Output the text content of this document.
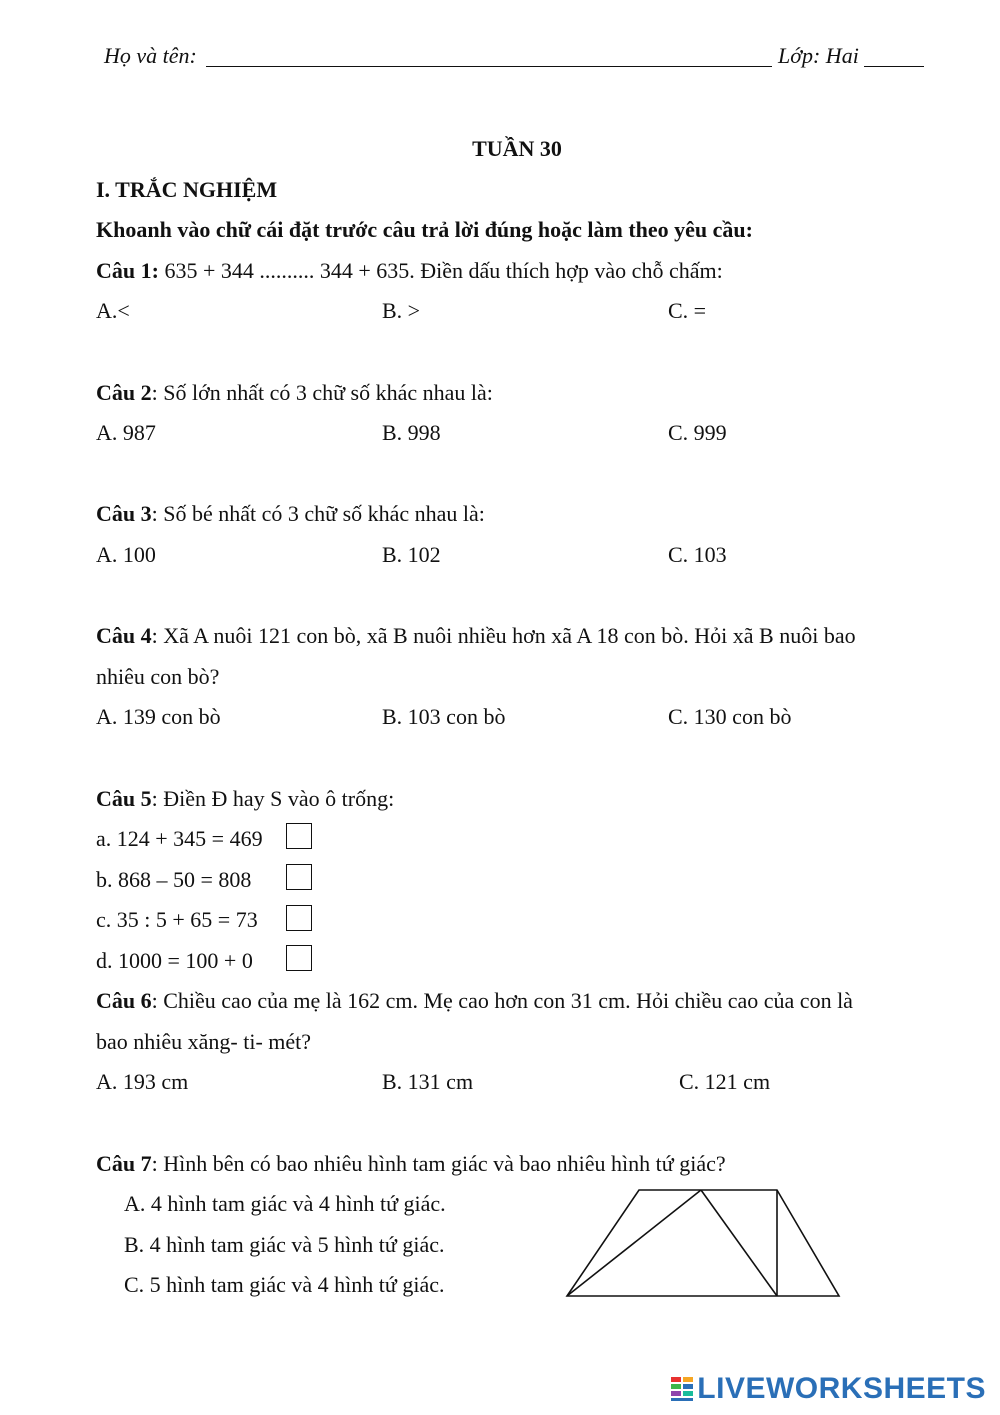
Họ và tên:	Lớp: Hai
TUẦN 30
I. TRẮC NGHIỆM
Khoanh vào chữ cái đặt trước câu trả lời đúng hoặc làm theo yêu cầu:
Câu 1: 635 + 344 .......... 344 + 635. Điền dấu thích hợp vào chỗ chấm:
A.<	B. >	C. =
Câu 2: Số lớn nhất có 3 chữ số khác nhau là:
A. 987	B. 998	C. 999
Câu 3: Số bé nhất có 3 chữ số khác nhau là:
A. 100	B. 102	C. 103
Câu 4: Xã A nuôi 121 con bò, xã B nuôi nhiều hơn xã A 18 con bò. Hỏi xã B nuôi bao
nhiêu con bò?
A. 139 con bò	B. 103 con bò	C. 130 con bò
Câu 5: Điền Đ hay S vào ô trống:
a. 124 + 345 = 469
b. 868 – 50 = 808
c. 35 : 5 + 65 = 73
d. 1000 = 100 + 0
Câu 6: Chiều cao của mẹ là 162 cm. Mẹ cao hơn con 31 cm. Hỏi chiều cao của con là
bao nhiêu xăng- ti- mét?
A. 193 cm	B. 131 cm	C. 121 cm
Câu 7: Hình bên có bao nhiêu hình tam giác và bao nhiêu hình tứ giác?
A. 4 hình tam giác và 4 hình tứ giác.
B. 4 hình tam giác và 5 hình tứ giác.
C. 5 hình tam giác và 4 hình tứ giác.
LIVEWORKSHEETS
